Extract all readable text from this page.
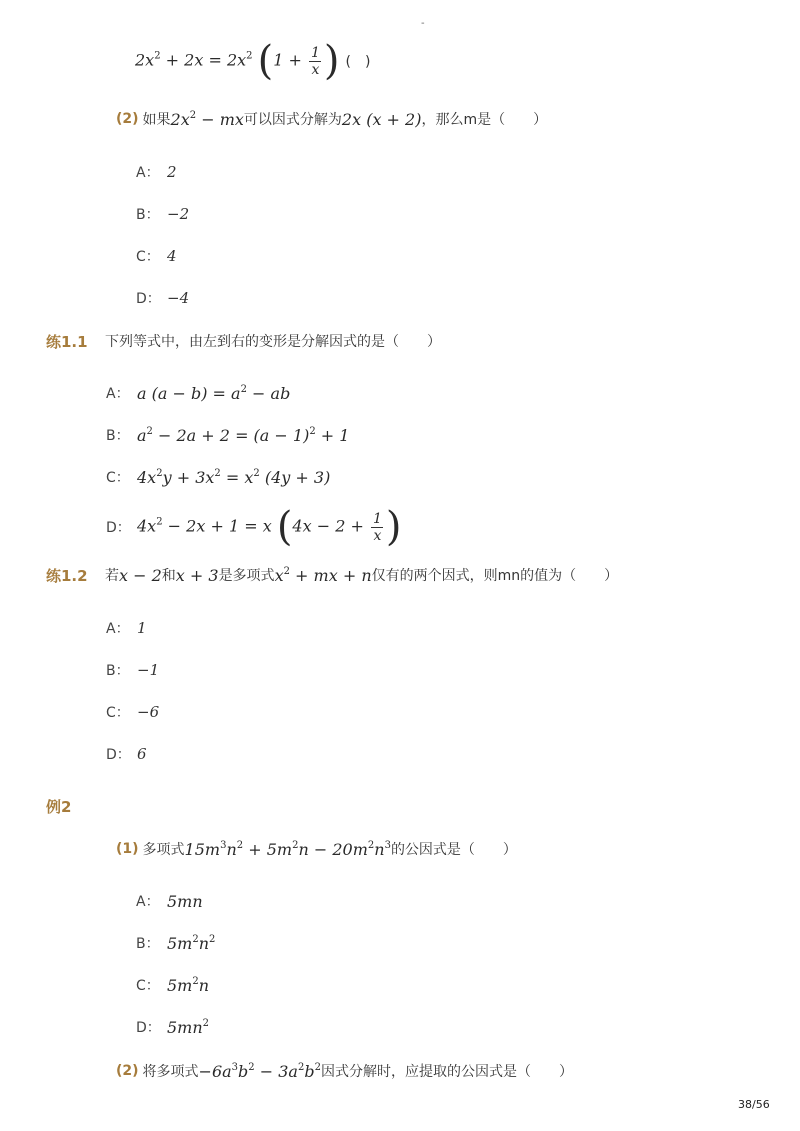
-
$2x^2 + 2x = 2x^2$ ($1 + \frac{1}{x}$ ) (　)
(2) 如果 $2x^2$ − mx 可以因式分解为 2x (x + 2) ，那么m是（　　）
A： 2
B： −2
C： 4
D： −4
练1.1	下列等式中，由左到右的变形是分解因式的是（　　）
A： a $(a - b) = a^2$ − ab
B： $a^2 - 2a + 2 = (a - 1)^2 + 1$
C： $4x^2y + 3x^2 = x^2$ (4y + 3)
D： $4x^2 - 2x + 1 = x$ ($4x - 2 + \frac{1}{x}$ )
练1.2	若 x − 2 和 x + 3 是多项式 $x^2$ + mx + n 仅有的两个因式，则mn的值为（　　）
A： 1
B： −1
C： −6
D： 6
例2
(1) 多项式 $15m^3n^2 + 5m^2n - 20m^2n^3$ 的公因式是（　　）
A： 5mn
B： $5m^2n^2$
C： $5m^2n$
D： $5mn^2$
(2) 将多项式 $-6a^3b^2 - 3a^2b^2$ 因式分解时，应提取的公因式是（　　）
38/56
